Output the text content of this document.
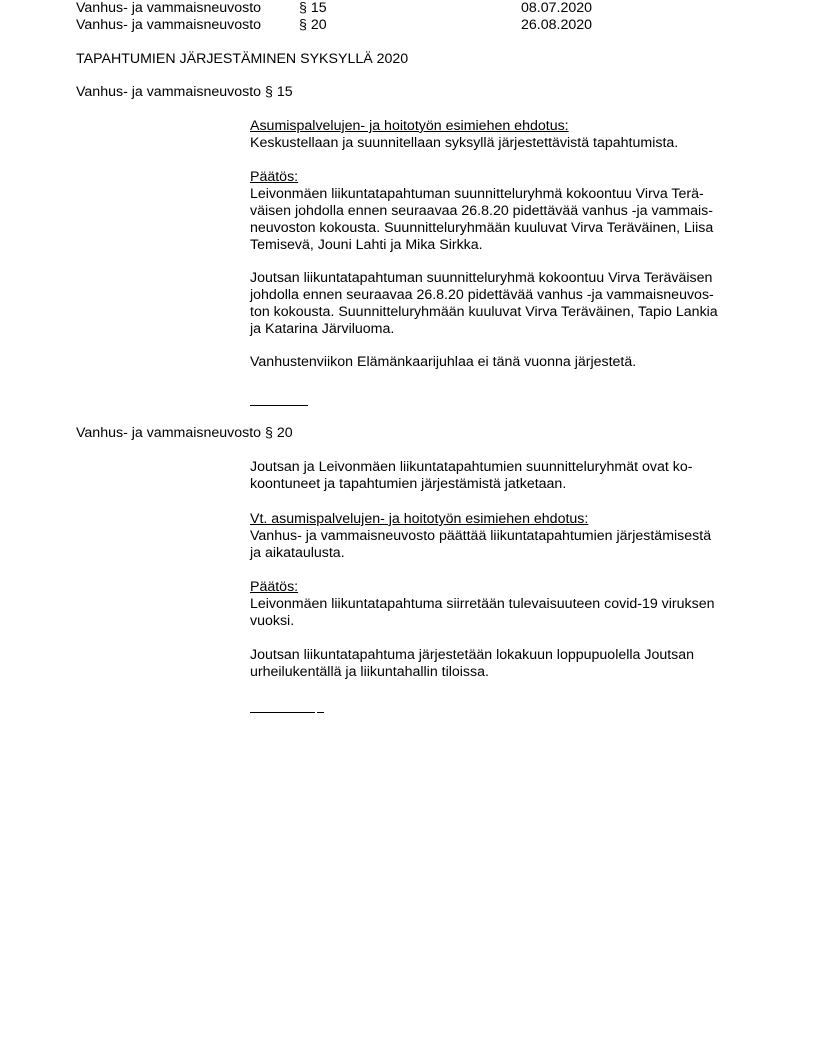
Vanhus- ja vammaisneuvosto	§ 15	08.07.2020
Vanhus- ja vammaisneuvosto	§ 20	26.08.2020
TAPAHTUMIEN JÄRJESTÄMINEN SYKSYLLÄ 2020
Vanhus- ja vammaisneuvosto § 15

Asumispalvelujen- ja hoitotyön esimiehen ehdotus:

Keskustellaan ja suunnitellaan syksyllä järjestettävistä tapahtumista.

Päätös:

Leivonmäen liikuntatapahtuman suunnitteluryhmä kokoontuu Virva Terä-

väisen johdolla ennen seuraavaa 26.8.20 pidettävää vanhus -ja vammais-

neuvoston kokousta. Suunnitteluryhmään kuuluvat Virva Teräväinen, Liisa

Temisevä, Jouni Lahti ja Mika Sirkka.

Joutsan liikuntatapahtuman suunnitteluryhmä kokoontuu Virva Teräväisen

johdolla ennen seuraavaa 26.8.20 pidettävää vanhus -ja vammaisneuvos-

ton kokousta. Suunnitteluryhmään kuuluvat Virva Teräväinen, Tapio Lankia

ja Katarina Järviluoma.

Vanhustenviikon Elämänkaarijuhlaa ei tänä vuonna järjestetä.

Vanhus- ja vammaisneuvosto § 20

Joutsan ja Leivonmäen liikuntatapahtumien suunnitteluryhmät ovat ko-

koontuneet ja tapahtumien järjestämistä jatketaan.

Vt. asumispalvelujen- ja hoitotyön esimiehen ehdotus:

Vanhus- ja vammaisneuvosto päättää liikuntatapahtumien järjestämisestä

ja aikataulusta.

Päätös:

Leivonmäen liikuntatapahtuma siirretään tulevaisuuteen covid-19 viruksen

vuoksi.

Joutsan liikuntatapahtuma järjestetään lokakuun loppupuolella Joutsan

urheilukentällä ja liikuntahallin tiloissa.
